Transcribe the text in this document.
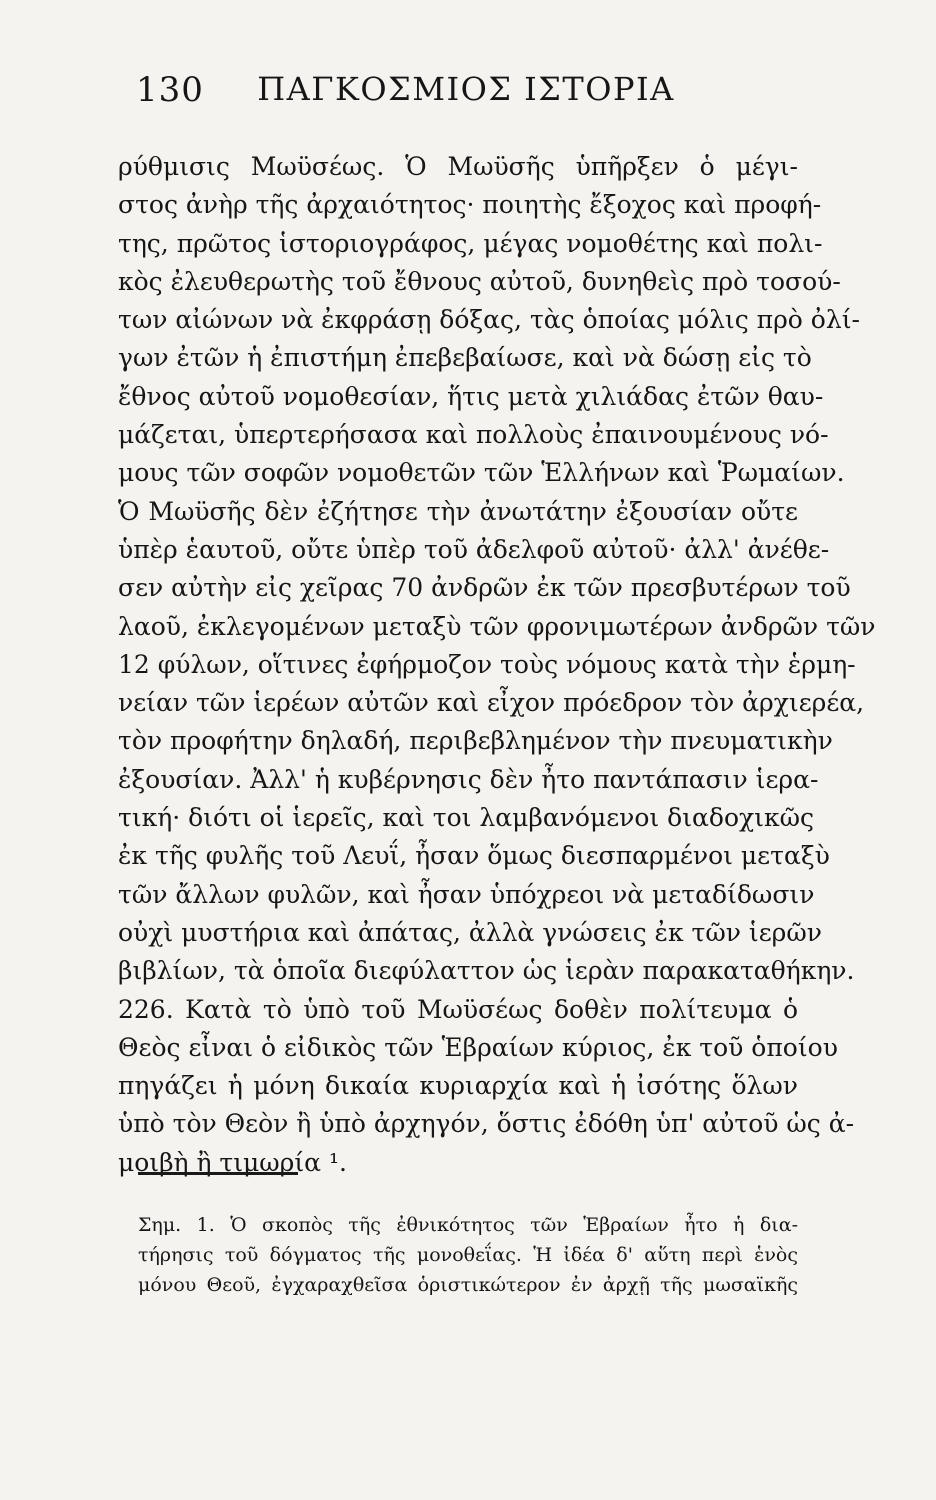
130	ΠΑΓΚΟΣΜΙΟΣ ΙΣΤΟΡΙΑ
ρύθμισις Μωϋσέως. Ὁ Μωϋσῆς ὑπῆρξεν ὁ μέγι-
στος ἀνὴρ τῆς ἀρχαιότητος· ποιητὴς ἔξοχος καὶ προφή-
της, πρῶτος ἱστοριογράφος, μέγας νομοθέτης καὶ πολι-
κὸς ἐλευθερωτὴς τοῦ ἔθνους αὐτοῦ, δυνηθεὶς πρὸ τοσού-
των αἰώνων νὰ ἐκφράσῃ δόξας, τὰς ὁποίας μόλις πρὸ ὀλί-
γων ἐτῶν ἡ ἐπιστήμη ἐπεβεβαίωσε, καὶ νὰ δώσῃ εἰς τὸ
ἔθνος αὐτοῦ νομοθεσίαν, ἥτις μετὰ χιλιάδας ἐτῶν θαυ-
μάζεται, ὑπερτερήσασα καὶ πολλοὺς ἐπαινουμένους νό-
μους τῶν σοφῶν νομοθετῶν τῶν Ἑλλήνων καὶ Ῥωμαίων.
Ὁ Μωϋσῆς δὲν ἐζήτησε τὴν ἀνωτάτην ἐξουσίαν οὔτε
ὑπὲρ ἑαυτοῦ, οὔτε ὑπὲρ τοῦ ἀδελφοῦ αὐτοῦ· ἀλλ' ἀνέθε-
σεν αὐτὴν εἰς χεῖρας 70 ἀνδρῶν ἐκ τῶν πρεσβυτέρων τοῦ
λαοῦ, ἐκλεγομένων μεταξὺ τῶν φρονιμωτέρων ἀνδρῶν τῶν
12 φύλων, οἵτινες ἐφήρμοζον τοὺς νόμους κατὰ τὴν ἑρμη-
νείαν τῶν ἱερέων αὐτῶν καὶ εἶχον πρόεδρον τὸν ἀρχιερέα,
τὸν προφήτην δηλαδή, περιβεβλημένον τὴν πνευματικὴν
ἐξουσίαν. Ἀλλ' ἡ κυβέρνησις δὲν ἦτο παντάπασιν ἱερα-
τική· διότι οἱ ἱερεῖς, καὶ τοι λαμβανόμενοι διαδοχικῶς
ἐκ τῆς φυλῆς τοῦ Λευΐ, ἦσαν ὅμως διεσπαρμένοι μεταξὺ
τῶν ἄλλων φυλῶν, καὶ ἦσαν ὑπόχρεοι νὰ μεταδίδωσιν
οὐχὶ μυστήρια καὶ ἀπάτας, ἀλλὰ γνώσεις ἐκ τῶν ἱερῶν
βιβλίων, τὰ ὁποῖα διεφύλαττον ὡς ἱερὰν παρακαταθήκην.
226. Κατὰ τὸ ὑπὸ τοῦ Μωϋσέως δοθὲν πολίτευμα ὁ
Θεὸς εἶναι ὁ εἰδικὸς τῶν Ἑβραίων κύριος, ἐκ τοῦ ὁποίου
πηγάζει ἡ μόνη δικαία κυριαρχία καὶ ἡ ἰσότης ὅλων
ὑπὸ τὸν Θεὸν ἢ ὑπὸ ἀρχηγόν, ὅστις ἐδόθη ὑπ' αὐτοῦ ὡς ἀ-
μοιβὴ ἢ τιμωρία ¹.
Σημ. 1. Ὁ σκοπὸς τῆς ἐθνικότητος τῶν Ἑβραίων ἦτο ἡ δια-
τήρησις τοῦ δόγματος τῆς μονοθεΐας. Ἡ ἰδέα δ' αὕτη περὶ ἑνὸς
μόνου Θεοῦ, ἐγχαραχθεῖσα ὁριστικώτερον ἐν ἀρχῇ τῆς μωσαϊκῆς
